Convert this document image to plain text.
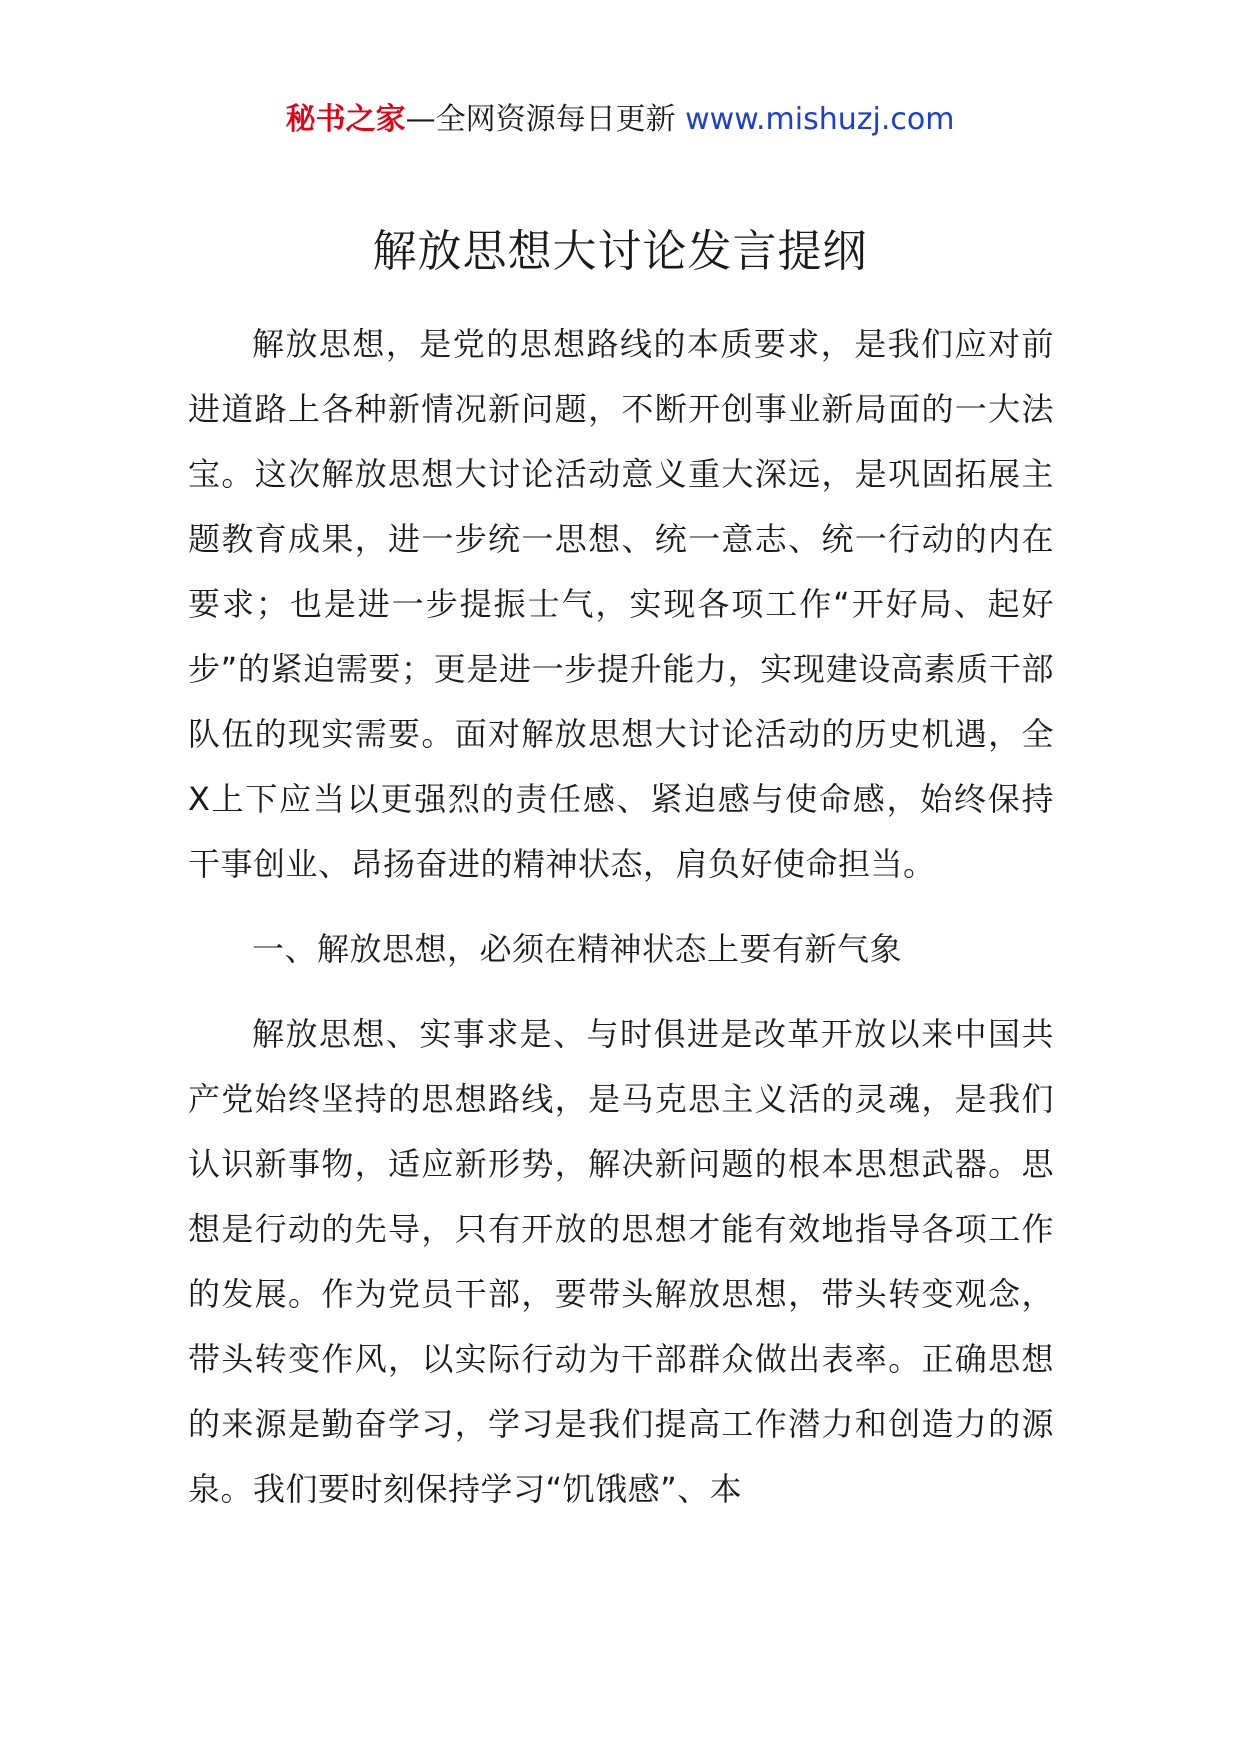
秘书之家—全网资源每日更新 www.mishuzj.com
解放思想大讨论发言提纲

解放思想，是党的思想路线的本质要求，是我们应对前进道路上各种新情况新问题，不断开创事业新局面的一大法宝。这次解放思想大讨论活动意义重大深远，是巩固拓展主题教育成果，进一步统一思想、统一意志、统一行动的内在要求；也是进一步提振士气，实现各项工作“开好局、起好步”的紧迫需要；更是进一步提升能力，实现建设高素质干部队伍的现实需要。面对解放思想大讨论活动的历史机遇，全X上下应当以更强烈的责任感、紧迫感与使命感，始终保持干事创业、昂扬奋进的精神状态，肩负好使命担当。

一、解放思想，必须在精神状态上要有新气象

解放思想、实事求是、与时俱进是改革开放以来中国共产党始终坚持的思想路线，是马克思主义活的灵魂，是我们认识新事物，适应新形势，解决新问题的根本思想武器。思想是行动的先导，只有开放的思想才能有效地指导各项工作的发展。作为党员干部，要带头解放思想，带头转变观念，带头转变作风，以实际行动为干部群众做出表率。正确思想的来源是勤奋学习，学习是我们提高工作潜力和创造力的源泉。我们要时刻保持学习“饥饿感”、本
